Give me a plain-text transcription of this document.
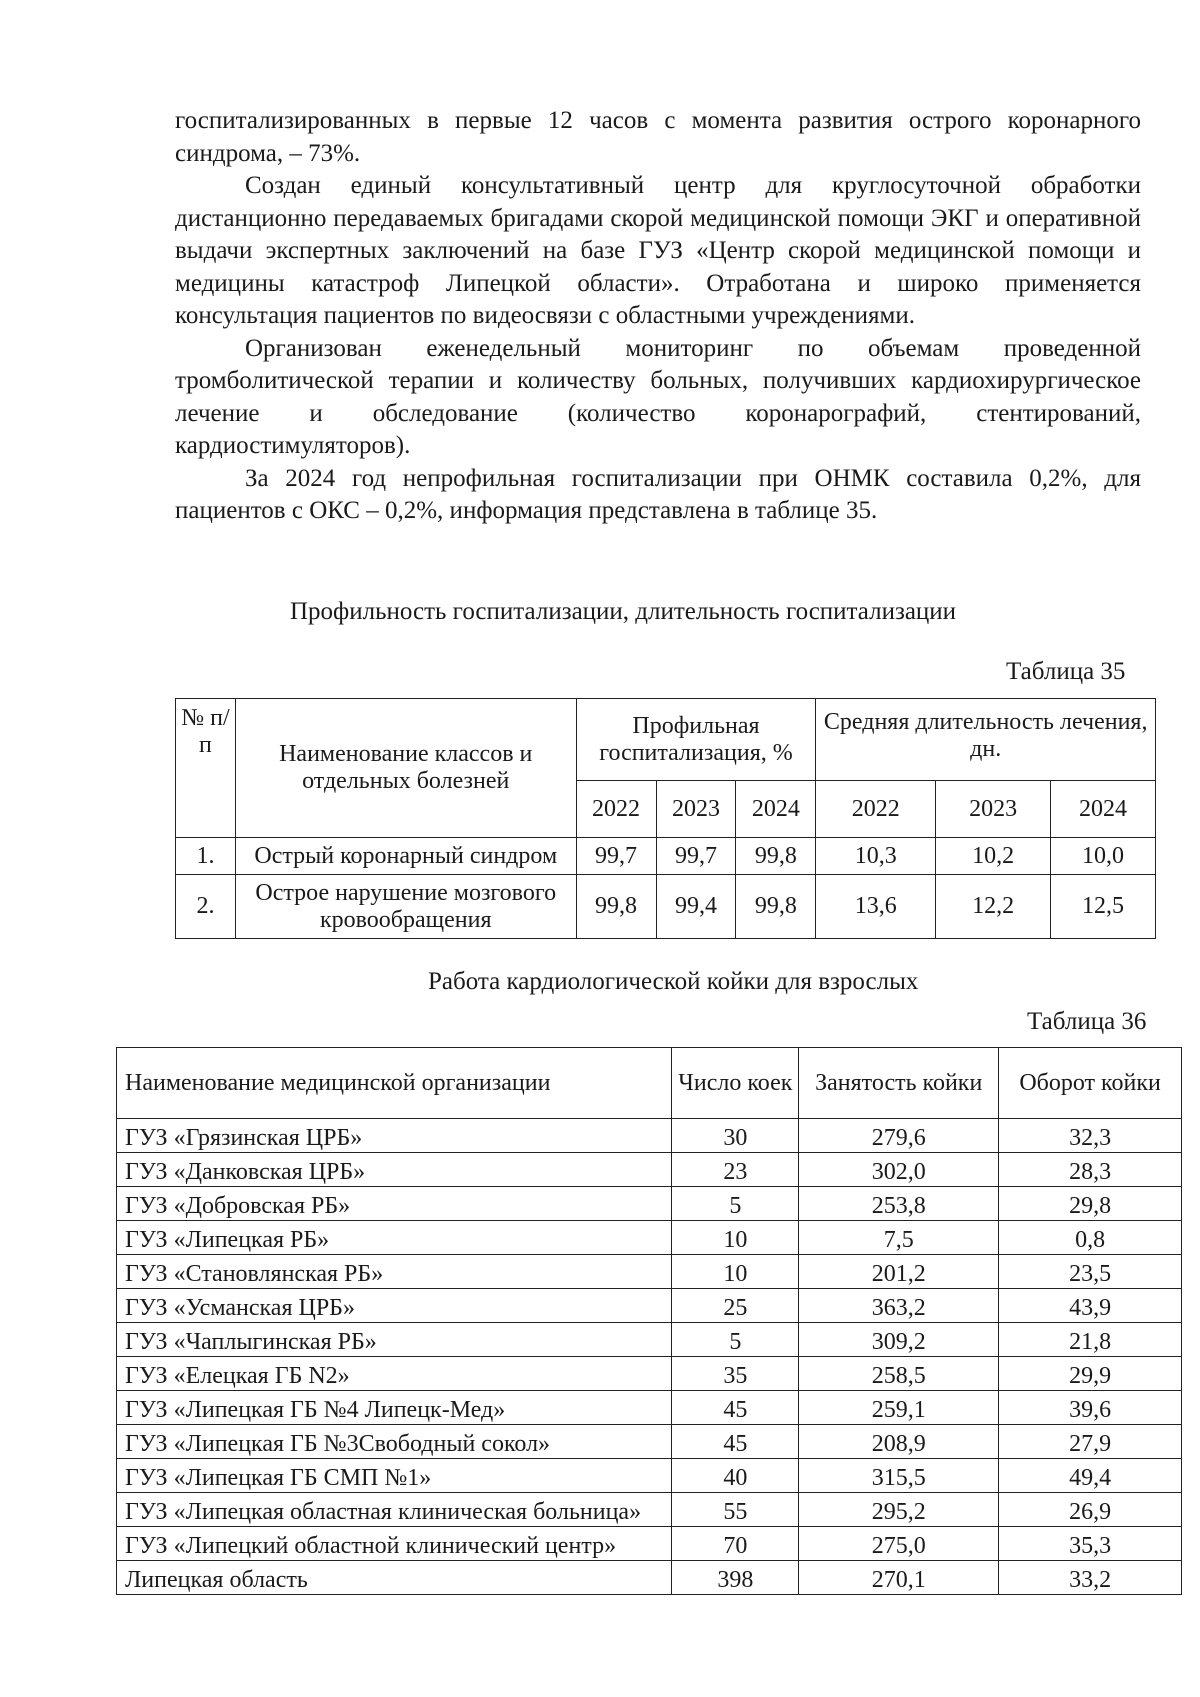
госпитализированных в первые 12 часов с момента развития острого коронарного синдрома, – 73%.

Создан единый консультативный центр для круглосуточной обработки дистанционно передаваемых бригадами скорой медицинской помощи ЭКГ и оперативной выдачи экспертных заключений на базе ГУЗ «Центр скорой медицинской помощи и медицины катастроф Липецкой области». Отработана и широко применяется консультация пациентов по видеосвязи с областными учреждениями.

Организован еженедельный мониторинг по объемам проведенной тромболитической терапии и количеству больных, получивших кардиохирургическое лечение и обследование (количество коронарографий, стентирований, кардиостимуляторов).

За 2024 год непрофильная госпитализации при ОНМК составила 0,2%, для пациентов с ОКС – 0,2%, информация представлена в таблице 35.

Профильность госпитализации, длительность госпитализации
Таблица 35
№ п/п	Наименование классов и отдельных болезней	Профильная госпитализация, %			Средняя длительность лечения, дн.		
		2022	2023	2024	2022	2023	2024
1.	Острый коронарный синдром	99,7	99,7	99,8	10,3	10,2	10,0
2.	Острое нарушение мозгового кровообращения	99,8	99,4	99,8	13,6	12,2	12,5
Работа кардиологической койки для взрослых
Таблица 36
Наименование медицинской организации	Число коек	Занятость койки	Оборот койки
ГУЗ «Грязинская ЦРБ»	30	279,6	32,3
ГУЗ «Данковская ЦРБ»	23	302,0	28,3
ГУЗ «Добровская РБ»	5	253,8	29,8
ГУЗ «Липецкая РБ»	10	7,5	0,8
ГУЗ «Становлянская РБ»	10	201,2	23,5
ГУЗ «Усманская ЦРБ»	25	363,2	43,9
ГУЗ «Чаплыгинская РБ»	5	309,2	21,8
ГУЗ «Елецкая ГБ N2»	35	258,5	29,9
ГУЗ «Липецкая ГБ №4 Липецк-Мед»	45	259,1	39,6
ГУЗ «Липецкая ГБ №3Свободный сокол»	45	208,9	27,9
ГУЗ «Липецкая ГБ СМП №1»	40	315,5	49,4
ГУЗ «Липецкая областная клиническая больница»	55	295,2	26,9
ГУЗ «Липецкий областной клинический центр»	70	275,0	35,3
Липецкая область	398	270,1	33,2
